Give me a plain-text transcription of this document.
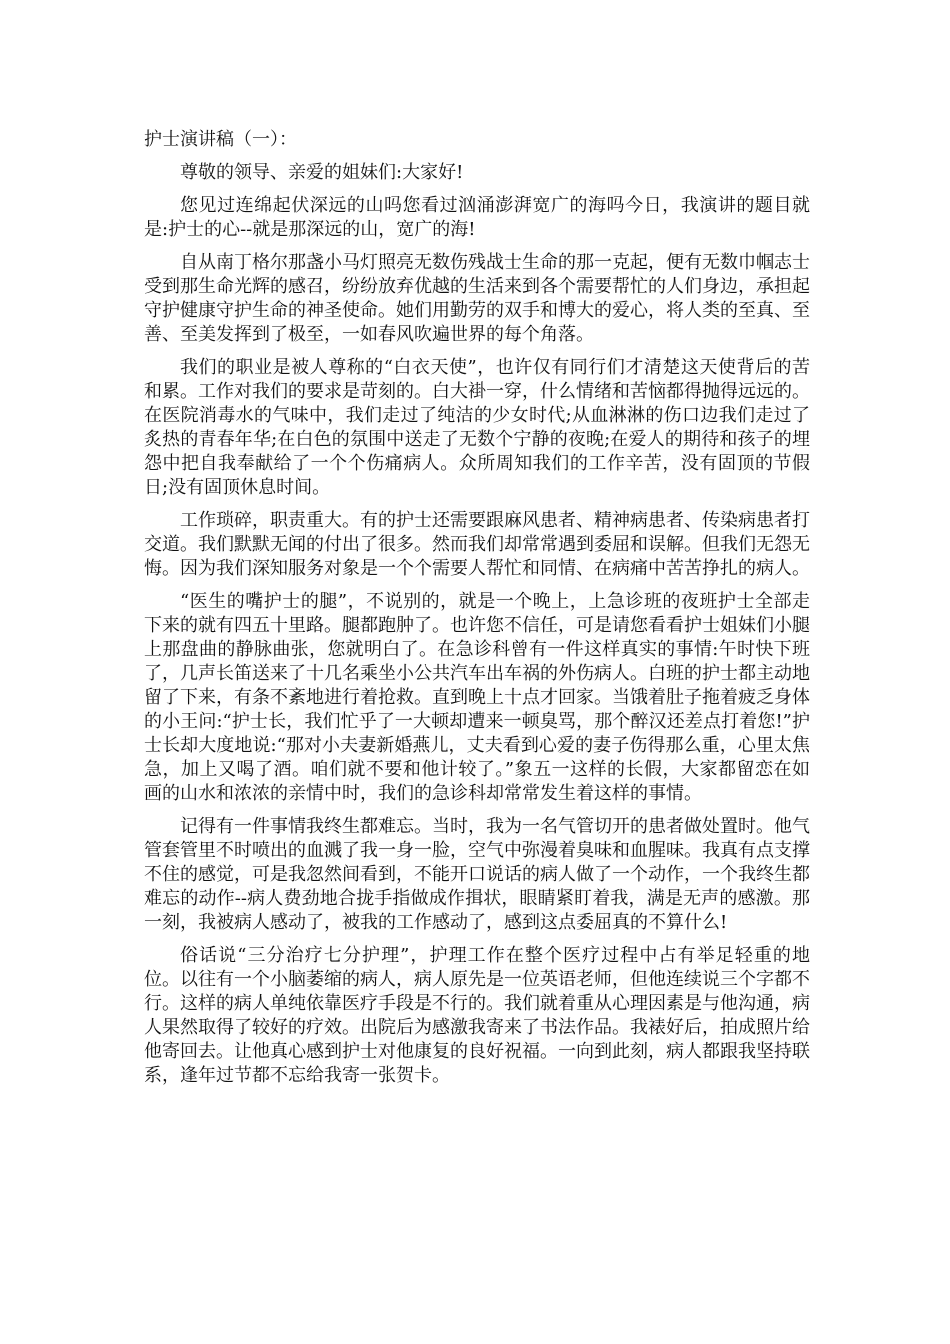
护士演讲稿（一）：

尊敬的领导、亲爱的姐妹们:大家好!

您见过连绵起伏深远的山吗您看过汹涌澎湃宽广的海吗今日，我演讲的题目就是:护士的心--就是那深远的山，宽广的海!

自从南丁格尔那盏小马灯照亮无数伤残战士生命的那一克起，便有无数巾帼志士受到那生命光辉的感召，纷纷放弃优越的生活来到各个需要帮忙的人们身边，承担起守护健康守护生命的神圣使命。她们用勤劳的双手和博大的爱心，将人类的至真、至善、至美发挥到了极至，一如春风吹遍世界的每个角落。

我们的职业是被人尊称的“白衣天使”，也许仅有同行们才清楚这天使背后的苦和累。工作对我们的要求是苛刻的。白大褂一穿，什么情绪和苦恼都得抛得远远的。在医院消毒水的气味中，我们走过了纯洁的少女时代;从血淋淋的伤口边我们走过了炙热的青春年华;在白色的氛围中送走了无数个宁静的夜晚;在爱人的期待和孩子的埋怨中把自我奉献给了一个个伤痛病人。众所周知我们的工作辛苦，没有固顶的节假日;没有固顶休息时间。

工作琐碎，职责重大。有的护士还需要跟麻风患者、精神病患者、传染病患者打交道。我们默默无闻的付出了很多。然而我们却常常遇到委屈和误解。但我们无怨无悔。因为我们深知服务对象是一个个需要人帮忙和同情、在病痛中苦苦挣扎的病人。

“医生的嘴护士的腿”，不说别的，就是一个晚上，上急诊班的夜班护士全部走下来的就有四五十里路。腿都跑肿了。也许您不信任，可是请您看看护士姐妹们小腿上那盘曲的静脉曲张，您就明白了。在急诊科曾有一件这样真实的事情:午时快下班了，几声长笛送来了十几名乘坐小公共汽车出车祸的外伤病人。白班的护士都主动地留了下来，有条不紊地进行着抢救。直到晚上十点才回家。当饿着肚子拖着疲乏身体的小王问:“护士长，我们忙乎了一大顿却遭来一顿臭骂，那个醉汉还差点打着您!”护士长却大度地说:“那对小夫妻新婚燕儿，丈夫看到心爱的妻子伤得那么重，心里太焦急，加上又喝了酒。咱们就不要和他计较了。”象五一这样的长假，大家都留恋在如画的山水和浓浓的亲情中时，我们的急诊科却常常发生着这样的事情。

记得有一件事情我终生都难忘。当时，我为一名气管切开的患者做处置时。他气管套管里不时喷出的血溅了我一身一脸，空气中弥漫着臭味和血腥味。我真有点支撑不住的感觉，可是我忽然间看到，不能开口说话的病人做了一个动作，一个我终生都难忘的动作--病人费劲地合拢手指做成作揖状，眼睛紧盯着我，满是无声的感激。那一刻，我被病人感动了，被我的工作感动了，感到这点委屈真的不算什么!

俗话说“三分治疗七分护理”，护理工作在整个医疗过程中占有举足轻重的地位。以往有一个小脑萎缩的病人，病人原先是一位英语老师，但他连续说三个字都不行。这样的病人单纯依靠医疗手段是不行的。我们就着重从心理因素是与他沟通，病人果然取得了较好的疗效。出院后为感激我寄来了书法作品。我裱好后，拍成照片给他寄回去。让他真心感到护士对他康复的良好祝福。一向到此刻，病人都跟我坚持联系，逢年过节都不忘给我寄一张贺卡。
